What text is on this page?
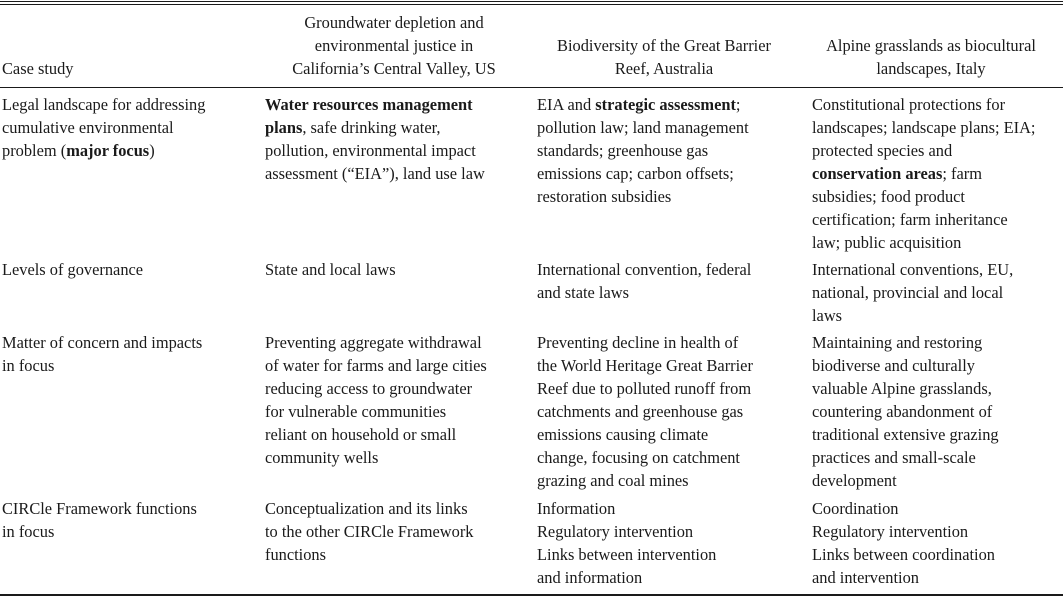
Case study
Groundwater depletion and
environmental justice in
California’s Central Valley, US
Biodiversity of the Great Barrier
Reef, Australia
Alpine grasslands as biocultural
landscapes, Italy
Legal landscape for addressing
cumulative environmental
problem (major focus)
Water resources management
plans, safe drinking water,
pollution, environmental impact
assessment (“EIA”), land use law
EIA and strategic assessment;
pollution law; land management
standards; greenhouse gas
emissions cap; carbon offsets;
restoration subsidies
Constitutional protections for
landscapes; landscape plans; EIA;
protected species and
conservation areas; farm
subsidies; food product
certification; farm inheritance
law; public acquisition
Levels of governance	State and local laws	International convention, federal
and state laws
International conventions, EU,
national, provincial and local
laws
Matter of concern and impacts
in focus
Preventing aggregate withdrawal
of water for farms and large cities
reducing access to groundwater
for vulnerable communities
reliant on household or small
community wells
Preventing decline in health of
the World Heritage Great Barrier
Reef due to polluted runoff from
catchments and greenhouse gas
emissions causing climate
change, focusing on catchment
grazing and coal mines
Maintaining and restoring
biodiverse and culturally
valuable Alpine grasslands,
countering abandonment of
traditional extensive grazing
practices and small-scale
development
CIRCle Framework functions
in focus
Conceptualization and its links
to the other CIRCle Framework
functions
Information
Regulatory intervention
Links between intervention
and information
Coordination
Regulatory intervention
Links between coordination
and intervention
